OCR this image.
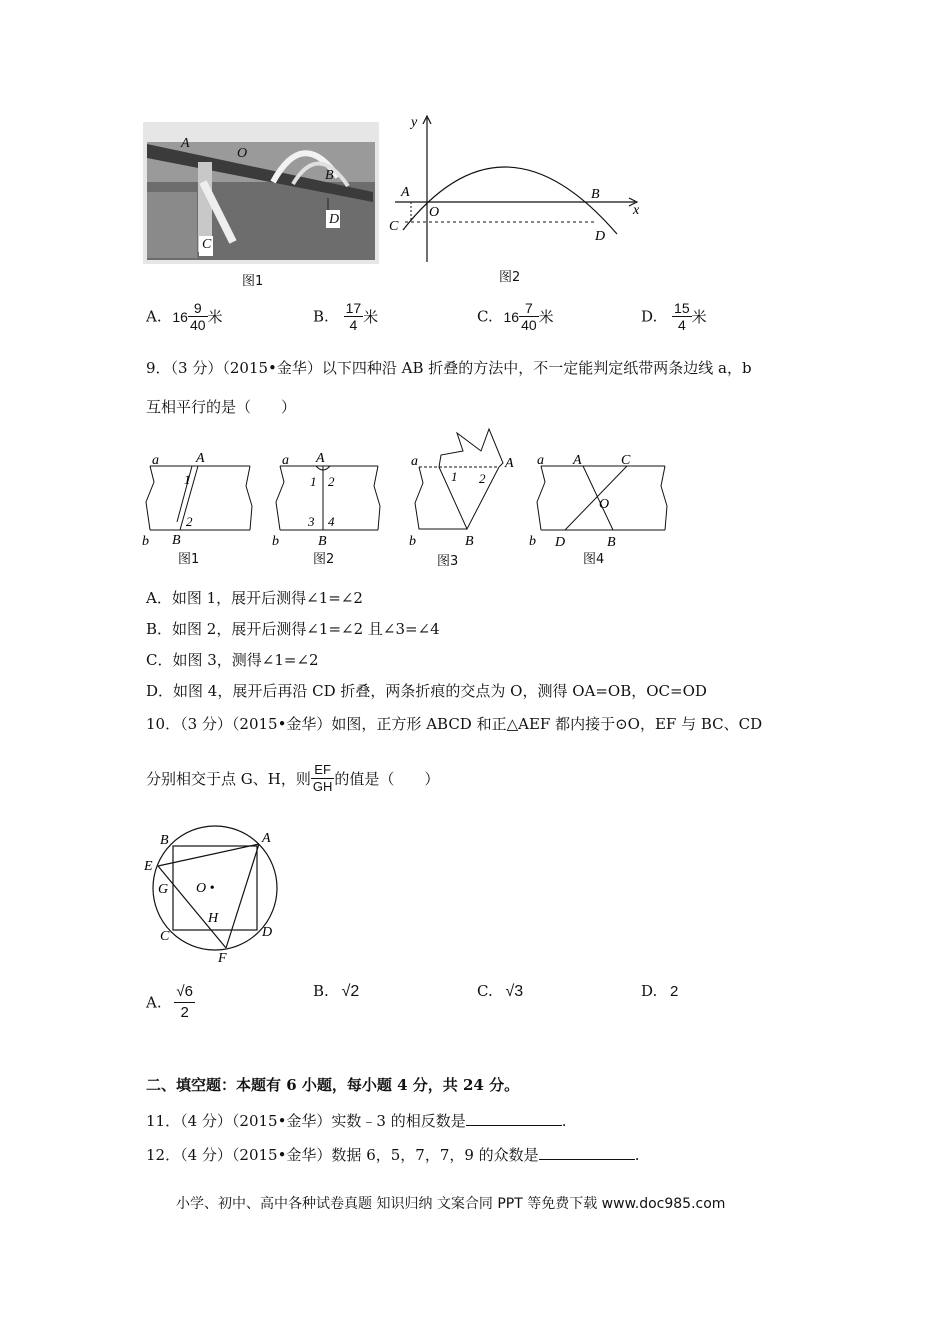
A
O
B
C
D
图1
y
x
A
O
B
C
D
图2
A. $16 \frac{9}{40}$ 米	B. $\frac{17}{4}$ 米	C. $16 \frac{7}{40}$ 米	D. $\frac{15}{4}$ 米
9．（3 分）（2015•金华）以下四种沿 AB 折叠的方法中，不一定能判定纸带两条边线 a，b
互相平行的是（　　）
a	A
1
2
b B
图1
a A
1 2
3 4
b	B
图2
a	A
1 2
b	B
图3
a A	C
O
b D	B
图4
A．如图 1，展开后测得∠1=∠2
B．如图 2，展开后测得∠1=∠2 且∠3=∠4
C．如图 3，测得∠1=∠2
D．如图 4，展开后再沿 CD 折叠，两条折痕的交点为 O，测得 OA=OB，OC=OD
10．（3 分）（2015•金华）如图，正方形 ABCD 和正△AEF 都内接于⊙O，EF 与 BC、CD
分别相交于点 G、H，则 $\frac{EF}{GH}$ 的值是（　　）
B	A
E
G O •
H
C	D
F
A. $\frac{√6}{2}$	B. √2	C. √3	D. 2
二、填空题：本题有 6 小题，每小题 4 分，共 24 分。
11．（4 分）（2015•金华）实数﹣3 的相反数是	.
12．（4 分）（2015•金华）数据 6，5，7，7，9 的众数是	.
小学、初中、高中各种试卷真题 知识归纳 文案合同 PPT 等免费下载 www.doc985.com
